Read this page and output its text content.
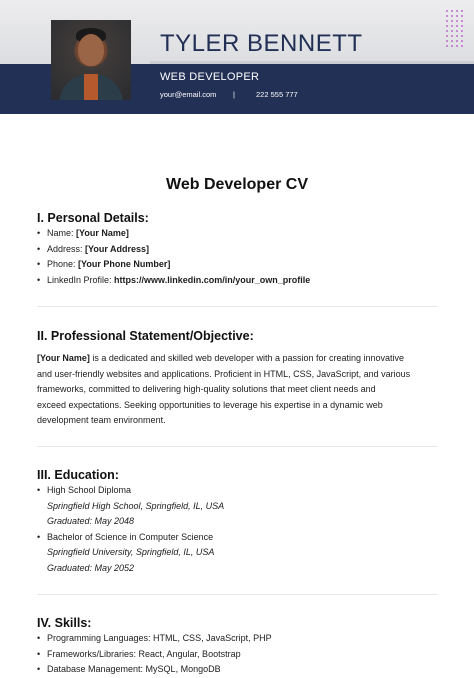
TYLER BENNETT
WEB DEVELOPER
your@email.com |	222 555 777
Web Developer CV
I. Personal Details:
• Name: [Your Name]
• Address: [Your Address]
• Phone: [Your Phone Number]
• LinkedIn Profile: https://www.linkedin.com/in/your_own_profile
II. Professional Statement/Objective:

[Your Name] is a dedicated and skilled web developer with a passion for creating innovative
and user-friendly websites and applications. Proficient in HTML, CSS, JavaScript, and various
frameworks, committed to delivering high-quality solutions that meet client needs and
exceed expectations. Seeking opportunities to leverage his expertise in a dynamic web
development team environment.

III. Education:
• High School Diploma
Springfield High School, Springfield, IL, USA
Graduated: May 2048
• Bachelor of Science in Computer Science
Springfield University, Springfield, IL, USA
Graduated: May 2052
IV. Skills:
• Programming Languages: HTML, CSS, JavaScript, PHP
• Frameworks/Libraries: React, Angular, Bootstrap
• Database Management: MySQL, MongoDB
